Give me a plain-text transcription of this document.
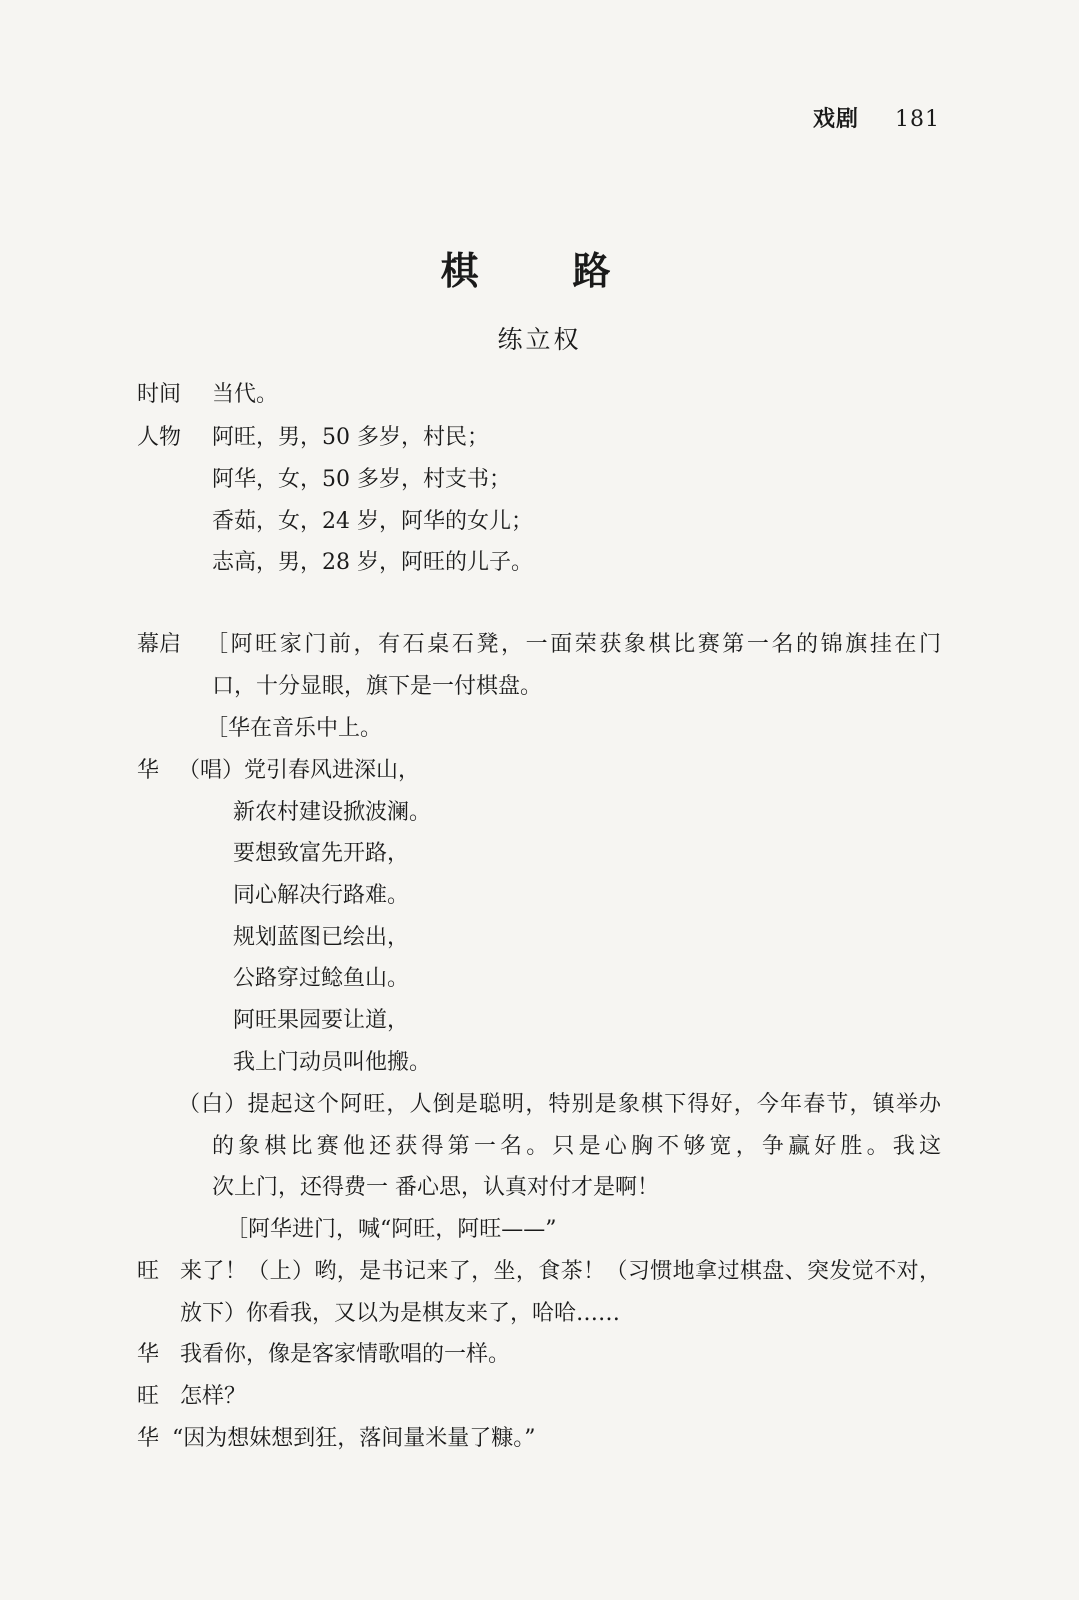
戏剧 181
棋　路
练立权
时间 当代。
人物 阿旺，男，50 多岁，村民；
阿华，女，50 多岁，村支书；
香茹，女，24 岁，阿华的女儿；
志高，男，28 岁，阿旺的儿子。
幕启 ［阿旺家门前，有石桌石凳，一面荣获象棋比赛第一名的锦旗挂在门
口，十分显眼，旗下是一付棋盘。
［华在音乐中上。
华 （唱）党引春风进深山，
新农村建设掀波澜。
要想致富先开路，
同心解决行路难。
规划蓝图已绘出，
公路穿过鲶鱼山。
阿旺果园要让道，
我上门动员叫他搬。
（白）提起这个阿旺，人倒是聪明，特别是象棋下得好，今年春节，镇举办
的象棋比赛他还获得第一名。只是心胸不够宽，争赢好胜。我这
次上门，还得费一 番心思，认真对付才是啊！
［阿华进门，喊“阿旺，阿旺——”
旺 来了！（上）哟，是书记来了，坐，食茶！（习惯地拿过棋盘、突发觉不对，
放下）你看我，又以为是棋友来了，哈哈……
华 我看你，像是客家情歌唱的一样。
旺 怎样？
华 “因为想妹想到狂，落间量米量了糠。”
